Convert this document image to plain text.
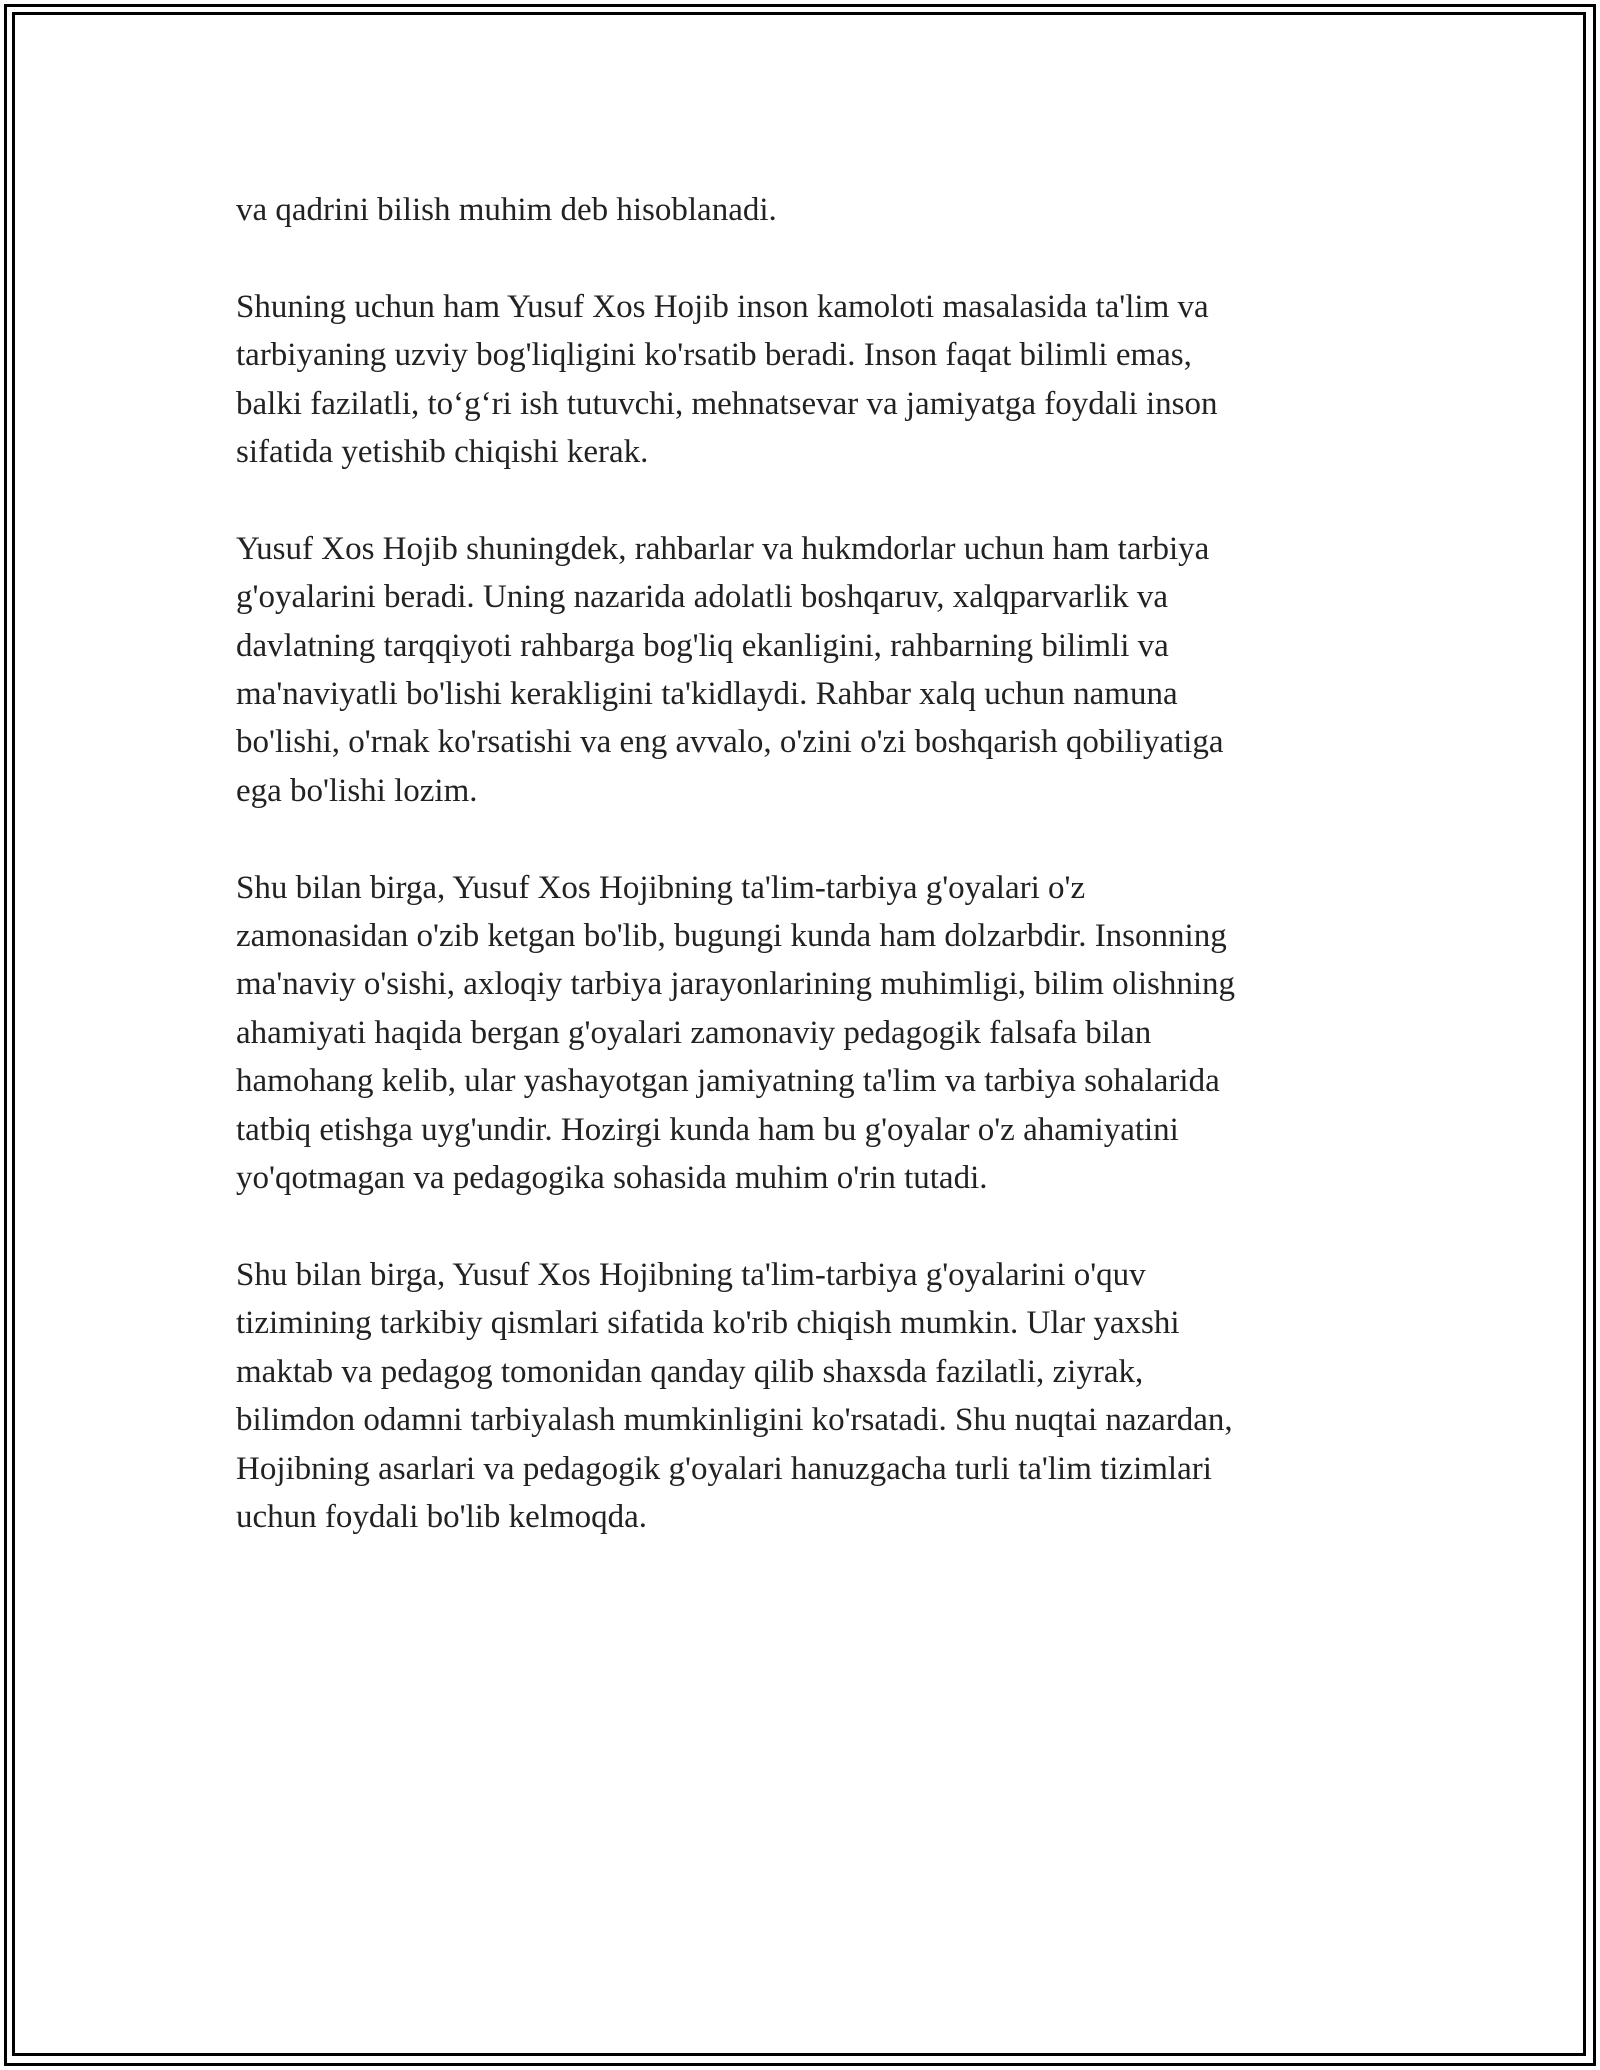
va qadrini bilish muhim deb hisoblanadi.
Shuning uchun ham Yusuf Xos Hojib inson kamoloti masalasida ta'lim va
tarbiyaning uzviy bog'liqligini ko'rsatib beradi. Inson faqat bilimli emas,
balki fazilatli, to‘g‘ri ish tutuvchi, mehnatsevar va jamiyatga foydali inson
sifatida yetishib chiqishi kerak.
Yusuf Xos Hojib shuningdek, rahbarlar va hukmdorlar uchun ham tarbiya
g'oyalarini beradi. Uning nazarida adolatli boshqaruv, xalqparvarlik va
davlatning tarqqiyoti rahbarga bog'liq ekanligini, rahbarning bilimli va
ma'naviyatli bo'lishi kerakligini ta'kidlaydi. Rahbar xalq uchun namuna
bo'lishi, o'rnak ko'rsatishi va eng avvalo, o'zini o'zi boshqarish qobiliyatiga
ega bo'lishi lozim.
Shu bilan birga, Yusuf Xos Hojibning ta'lim-tarbiya g'oyalari o'z
zamonasidan o'zib ketgan bo'lib, bugungi kunda ham dolzarbdir. Insonning
ma'naviy o'sishi, axloqiy tarbiya jarayonlarining muhimligi, bilim olishning
ahamiyati haqida bergan g'oyalari zamonaviy pedagogik falsafa bilan
hamohang kelib, ular yashayotgan jamiyatning ta'lim va tarbiya sohalarida
tatbiq etishga uyg'undir. Hozirgi kunda ham bu g'oyalar o'z ahamiyatini
yo'qotmagan va pedagogika sohasida muhim o'rin tutadi.
Shu bilan birga, Yusuf Xos Hojibning ta'lim-tarbiya g'oyalarini o'quv
tizimining tarkibiy qismlari sifatida ko'rib chiqish mumkin. Ular yaxshi
maktab va pedagog tomonidan qanday qilib shaxsda fazilatli, ziyrak,
bilimdon odamni tarbiyalash mumkinligini ko'rsatadi. Shu nuqtai nazardan,
Hojibning asarlari va pedagogik g'oyalari hanuzgacha turli ta'lim tizimlari
uchun foydali bo'lib kelmoqda.
